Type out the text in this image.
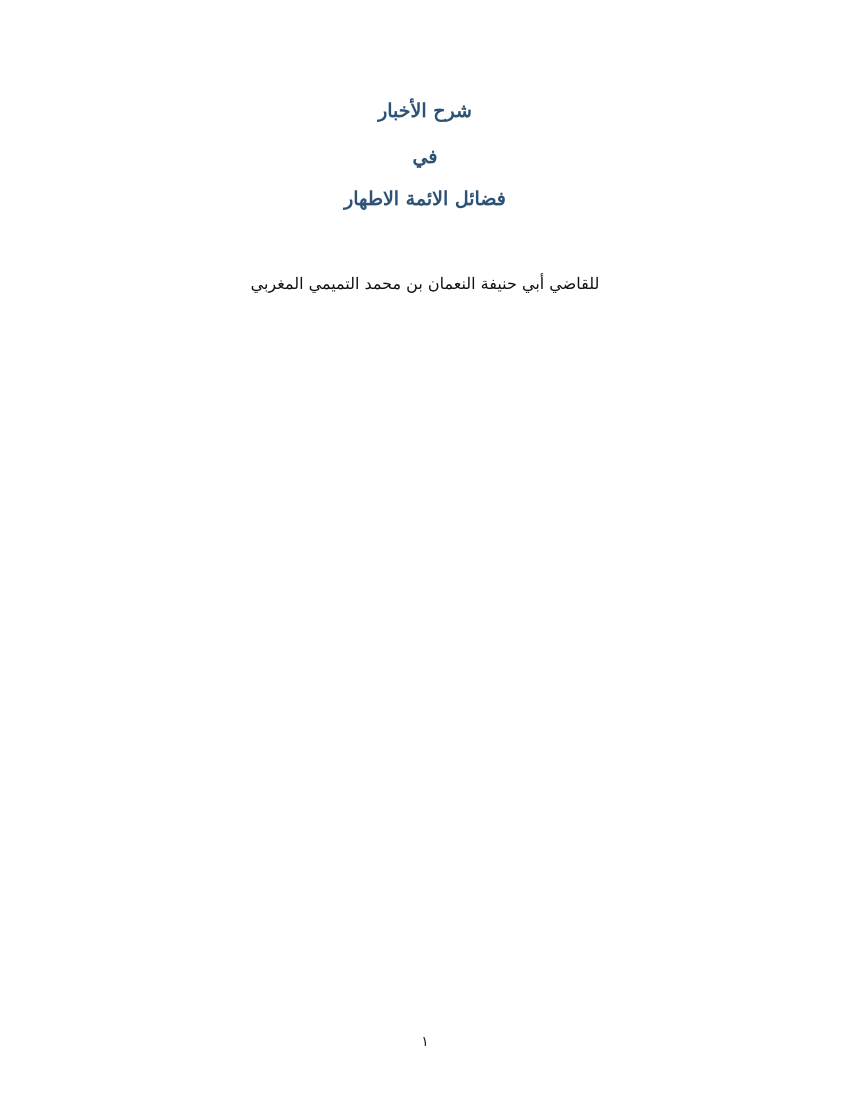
شرح الأخبار
في
فضائل الائمة الاطهار
للقاضي أبي حنيفة النعمان بن محمد التميمي المغربي
١
